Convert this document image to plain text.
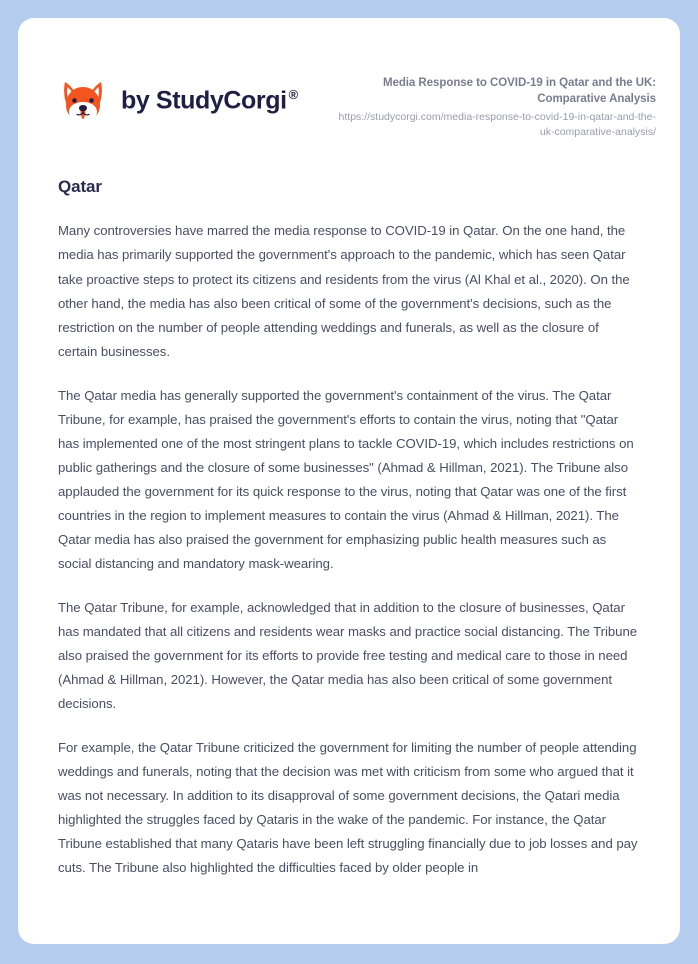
by StudyCorgi ®

Media Response to COVID-19 in Qatar and the UK: Comparative Analysis

https://studycorgi.com/media-response-to-covid-19-in-qatar-and-the-uk-comparative-analysis/

Qatar

Many controversies have marred the media response to COVID-19 in Qatar. On the one hand, the media has primarily supported the government's approach to the pandemic, which has seen Qatar take proactive steps to protect its citizens and residents from the virus (Al Khal et al., 2020). On the other hand, the media has also been critical of some of the government's decisions, such as the restriction on the number of people attending weddings and funerals, as well as the closure of certain businesses.

The Qatar media has generally supported the government's containment of the virus. The Qatar Tribune, for example, has praised the government's efforts to contain the virus, noting that "Qatar has implemented one of the most stringent plans to tackle COVID-19, which includes restrictions on public gatherings and the closure of some businesses" (Ahmad & Hillman, 2021). The Tribune also applauded the government for its quick response to the virus, noting that Qatar was one of the first countries in the region to implement measures to contain the virus (Ahmad & Hillman, 2021). The Qatar media has also praised the government for emphasizing public health measures such as social distancing and mandatory mask-wearing.

The Qatar Tribune, for example, acknowledged that in addition to the closure of businesses, Qatar has mandated that all citizens and residents wear masks and practice social distancing. The Tribune also praised the government for its efforts to provide free testing and medical care to those in need (Ahmad & Hillman, 2021). However, the Qatar media has also been critical of some government decisions.

For example, the Qatar Tribune criticized the government for limiting the number of people attending weddings and funerals, noting that the decision was met with criticism from some who argued that it was not necessary. In addition to its disapproval of some government decisions, the Qatari media highlighted the struggles faced by Qataris in the wake of the pandemic. For instance, the Qatar Tribune established that many Qataris have been left struggling financially due to job losses and pay cuts. The Tribune also highlighted the difficulties faced by older people in
